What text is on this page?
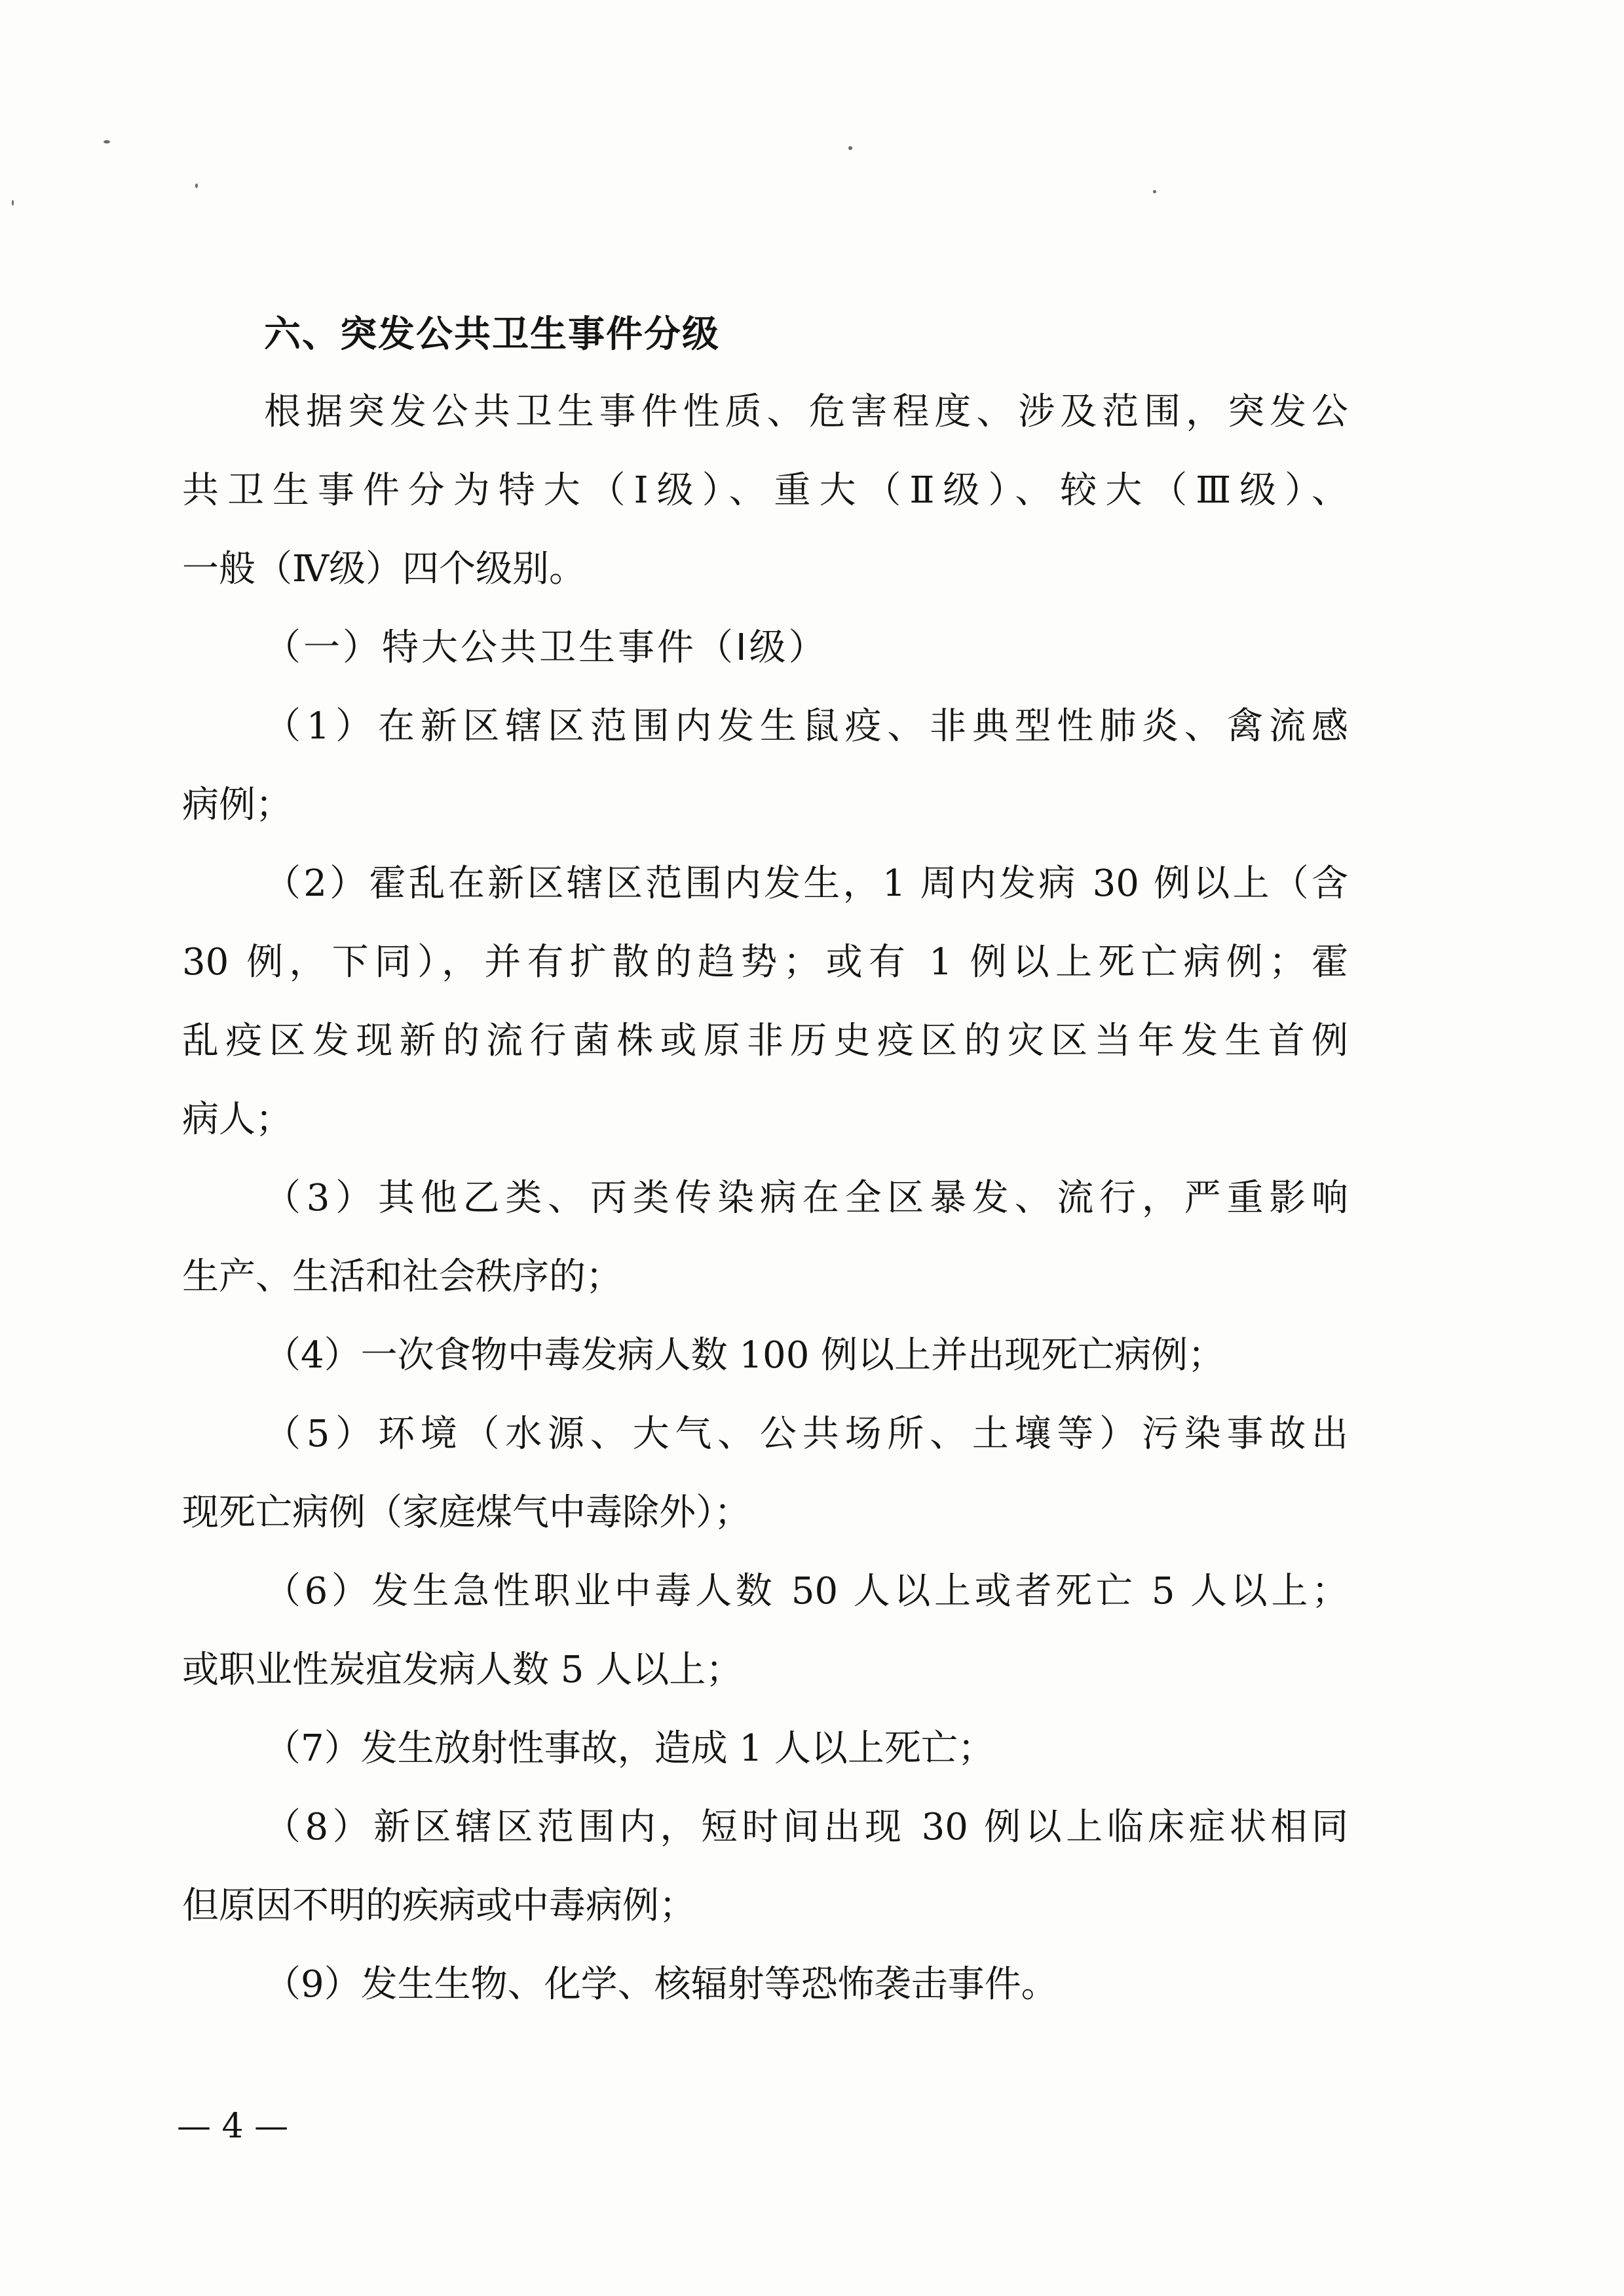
六、突发公共卫生事件分级
根据突发公共卫生事件性质、危害程度、涉及范围，突发公
共卫生事件分为特大（Ⅰ级）、重大（Ⅱ级）、较大（Ⅲ级）、
一般（Ⅳ级）四个级别。
（一）特大公共卫生事件（Ⅰ级）
（1）在新区辖区范围内发生鼠疫、非典型性肺炎、禽流感
病例；
（2）霍乱在新区辖区范围内发生，1 周内发病 30 例以上（含
30 例，下同），并有扩散的趋势；或有 1 例以上死亡病例；霍
乱疫区发现新的流行菌株或原非历史疫区的灾区当年发生首例
病人；
（3）其他乙类、丙类传染病在全区暴发、流行，严重影响
生产、生活和社会秩序的；
（4）一次食物中毒发病人数 100 例以上并出现死亡病例；
（5）环境（水源、大气、公共场所、土壤等）污染事故出
现死亡病例（家庭煤气中毒除外）；
（6）发生急性职业中毒人数 50 人以上或者死亡 5 人以上；
或职业性炭疽发病人数 5 人以上；
（7）发生放射性事故，造成 1 人以上死亡；
（8）新区辖区范围内，短时间出现 30 例以上临床症状相同
但原因不明的疾病或中毒病例；
（9）发生生物、化学、核辐射等恐怖袭击事件。
— 4 —
